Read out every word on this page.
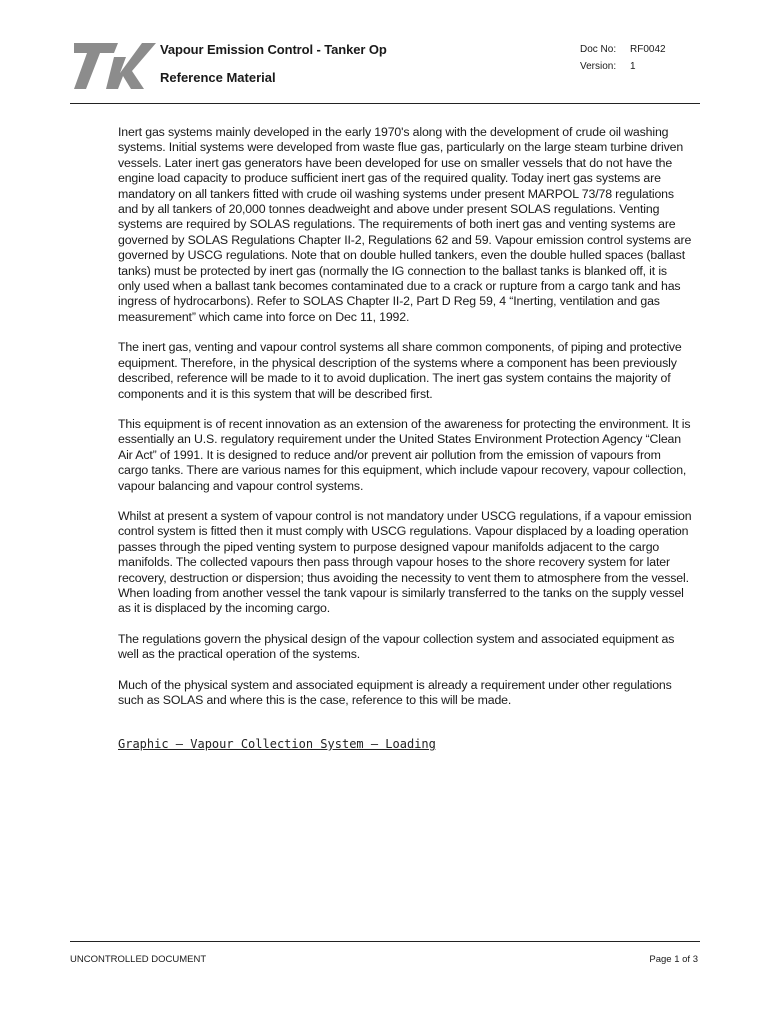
Vapour Emission Control - Tanker Op
Reference Material
Doc No: RF0042
Version: 1

Inert gas systems mainly developed in the early 1970's along with the development of crude oil washing systems. Initial systems were developed from waste flue gas, particularly on the large steam turbine driven vessels. Later inert gas generators have been developed for use on smaller vessels that do not have the engine load capacity to produce sufficient inert gas of the required quality. Today inert gas systems are mandatory on all tankers fitted with crude oil washing systems under present MARPOL 73/78 regulations and by all tankers of 20,000 tonnes deadweight and above under present SOLAS regulations. Venting systems are required by SOLAS regulations. The requirements of both inert gas and venting systems are governed by SOLAS Regulations Chapter II-2, Regulations 62 and 59. Vapour emission control systems are governed by USCG regulations. Note that on double hulled tankers, even the double hulled spaces (ballast tanks) must be protected by inert gas (normally the IG connection to the ballast tanks is blanked off, it is only used when a ballast tank becomes contaminated due to a crack or rupture from a cargo tank and has ingress of hydrocarbons). Refer to SOLAS Chapter II-2, Part D Reg 59, 4 “Inerting, ventilation and gas measurement” which came into force on Dec 11, 1992.

The inert gas, venting and vapour control systems all share common components, of piping and protective equipment. Therefore, in the physical description of the systems where a component has been previously described, reference will be made to it to avoid duplication. The inert gas system contains the majority of components and it is this system that will be described first.

This equipment is of recent innovation as an extension of the awareness for protecting the environment. It is essentially an U.S. regulatory requirement under the United States Environment Protection Agency “Clean Air Act” of 1991. It is designed to reduce and/or prevent air pollution from the emission of vapours from cargo tanks. There are various names for this equipment, which include vapour recovery, vapour collection, vapour balancing and vapour control systems.

Whilst at present a system of vapour control is not mandatory under USCG regulations, if a vapour emission control system is fitted then it must comply with USCG regulations. Vapour displaced by a loading operation passes through the piped venting system to purpose designed vapour manifolds adjacent to the cargo manifolds. The collected vapours then pass through vapour hoses to the shore recovery system for later recovery, destruction or dispersion; thus avoiding the necessity to vent them to atmosphere from the vessel. When loading from another vessel the tank vapour is similarly transferred to the tanks on the supply vessel as it is displaced by the incoming cargo.

The regulations govern the physical design of the vapour collection system and associated equipment as well as the practical operation of the systems.

Much of the physical system and associated equipment is already a requirement under other regulations such as SOLAS and where this is the case, reference to this will be made.

Graphic – Vapour Collection System – Loading
UNCONTROLLED DOCUMENT	Page 1 of 3
